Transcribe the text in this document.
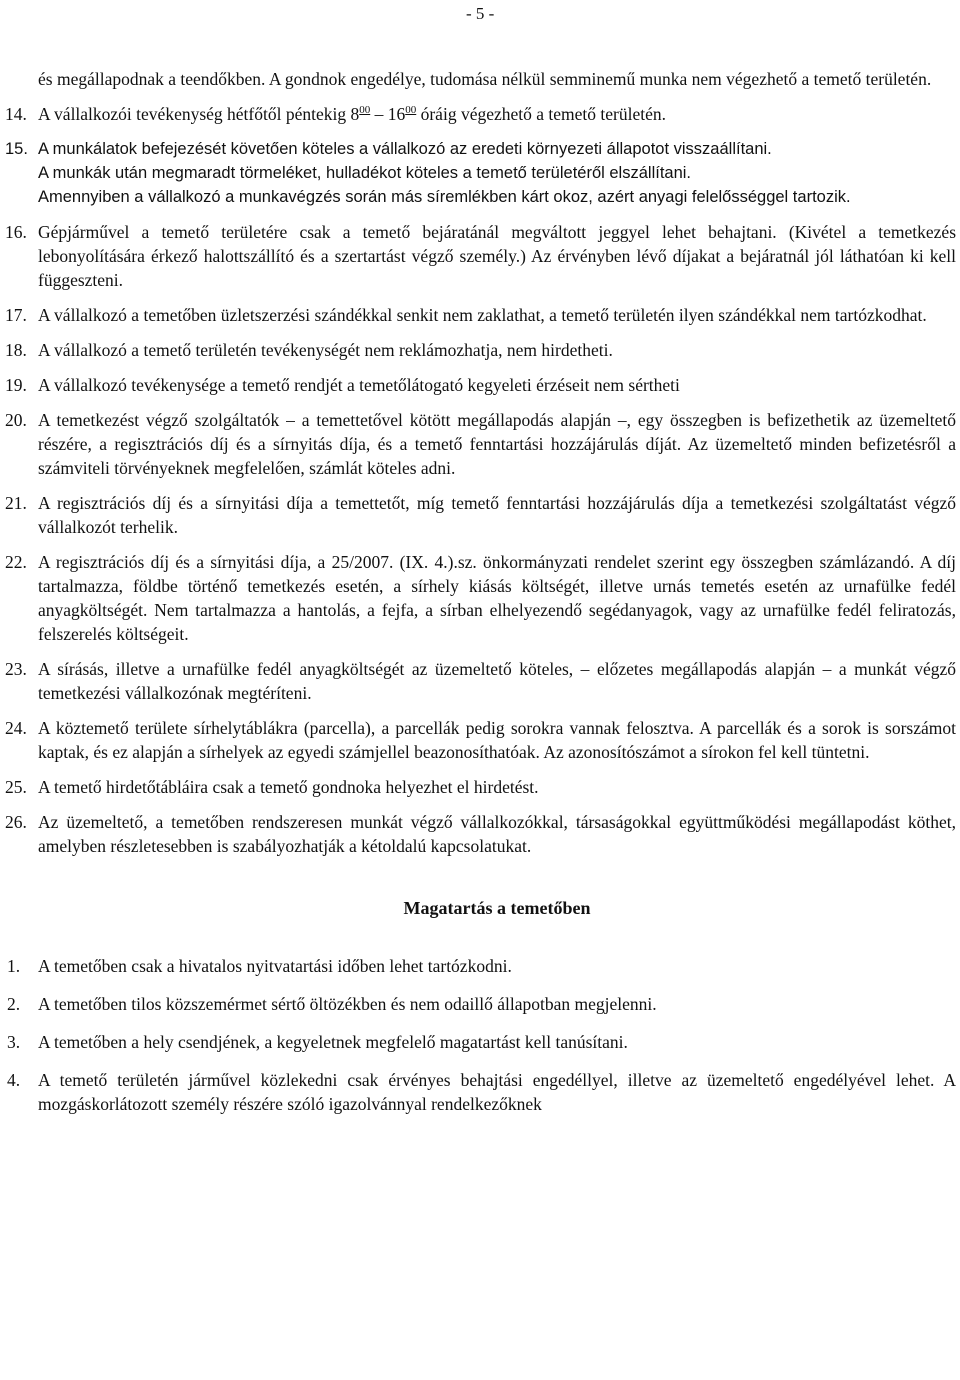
- 5 -

és megállapodnak a teendőkben. A gondnok engedélye, tudomása nélkül semminemű munka nem végezhető a temető területén.

14. A vállalkozói tevékenység hétfőtől péntekig $8^{00} - 16^{00}$ óráig végezhető a temető területén.

15. A munkálatok befejezését követően köteles a vállalkozó az eredeti környezeti állapotot visszaállítani.

A munkák után megmaradt törmeléket, hulladékot köteles a temető területéről elszállítani.

Amennyiben a vállalkozó a munkavégzés során más síremlékben kárt okoz, azért anyagi felelősséggel tartozik.

16. Gépjárművel a temető területére csak a temető bejáratánál megváltott jeggyel lehet behajtani. (Kivétel a temetkezés lebonyolítására érkező halottszállító és a szertartást végző személy.) Az érvényben lévő díjakat a bejáratnál jól láthatóan ki kell függeszteni.

17. A vállalkozó a temetőben üzletszerzési szándékkal senkit nem zaklathat, a temető területén ilyen szándékkal nem tartózkodhat.

18. A vállalkozó a temető területén tevékenységét nem reklámozhatja, nem hirdetheti.

19. A vállalkozó tevékenysége a temető rendjét a temetőlátogató kegyeleti érzéseit nem sértheti

20. A temetkezést végző szolgáltatók – a temettetővel kötött megállapodás alapján –, egy összegben is befizethetik az üzemeltető részére, a regisztrációs díj és a sírnyitás díja, és a temető fenntartási hozzájárulás díját. Az üzemeltető minden befizetésről a számviteli törvényeknek megfelelően, számlát köteles adni.

21. A regisztrációs díj és a sírnyitási díja a temettetőt, míg temető fenntartási hozzájárulás díja a temetkezési szolgáltatást végző vállalkozót terhelik.

22. A regisztrációs díj és a sírnyitási díja, a 25/2007. (IX. 4.).sz. önkormányzati rendelet szerint egy összegben számlázandó. A díj tartalmazza, földbe történő temetkezés esetén, a sírhely kiásás költségét, illetve urnás temetés esetén az urnafülke fedél anyagköltségét. Nem tartalmazza a hantolás, a fejfa, a sírban elhelyezendő segédanyagok, vagy az urnafülke fedél feliratozás, felszerelés költségeit.

23. A sírásás, illetve a urnafülke fedél anyagköltségét az üzemeltető köteles, – előzetes megállapodás alapján – a munkát végző temetkezési vállalkozónak megtéríteni.

24. A köztemető területe sírhelytáblákra (parcella), a parcellák pedig sorokra vannak felosztva. A parcellák és a sorok is sorszámot kaptak, és ez alapján a sírhelyek az egyedi számjellel beazonosíthatóak. Az azonosítószámot a sírokon fel kell tüntetni.

25. A temető hirdetőtábláira csak a temető gondnoka helyezhet el hirdetést.

26. Az üzemeltető, a temetőben rendszeresen munkát végző vállalkozókkal, társaságokkal együttműködési megállapodást köthet, amelyben részletesebben is szabályozhatják a kétoldalú kapcsolatukat.

Magatartás a temetőben
1.	A temetőben csak a hivatalos nyitvatartási időben lehet tartózkodni.

2.	A temetőben tilos közszemérmet sértő öltözékben és nem odaillő állapotban megjelenni.

3.	A temetőben a hely csendjének, a kegyeletnek megfelelő magatartást kell tanúsítani.

4.	A temető területén járművel közlekedni csak érvényes behajtási engedéllyel, illetve az üzemeltető engedélyével lehet. A mozgáskorlátozott személy részére szóló igazolvánnyal rendelkezőknek
